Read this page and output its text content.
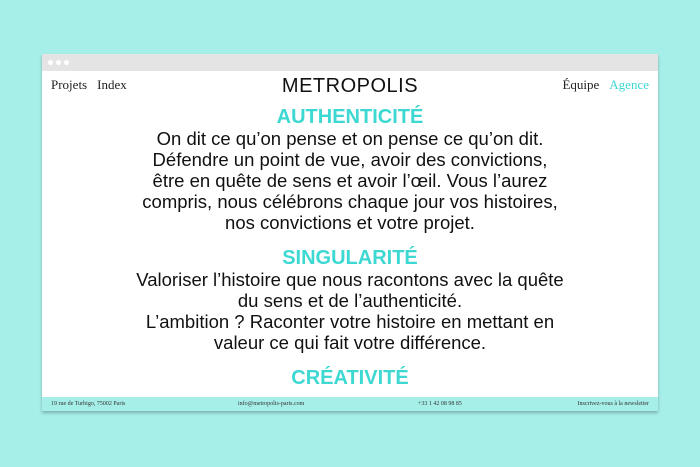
Projets Index	METROPOLIS	Équipe Agence
AUTHENTICITÉ

On dit ce qu’on pense et on pense ce qu’on dit.
Défendre un point de vue, avoir des convictions,
être en quête de sens et avoir l’œil. Vous l’aurez
compris, nous célébrons chaque jour vos histoires,
nos convictions et votre projet.

SINGULARITÉ

Valoriser l’histoire que nous racontons avec la quête
du sens et de l’authenticité.
L’ambition ? Raconter votre histoire en mettant en
valeur ce qui fait votre différence.

CRÉATIVITÉ
19 rue de Turbigo, 75002 Paris	info@metropolis-paris.com	+33 1 42 08 98 85	Inscrivez-vous à la newsletter
